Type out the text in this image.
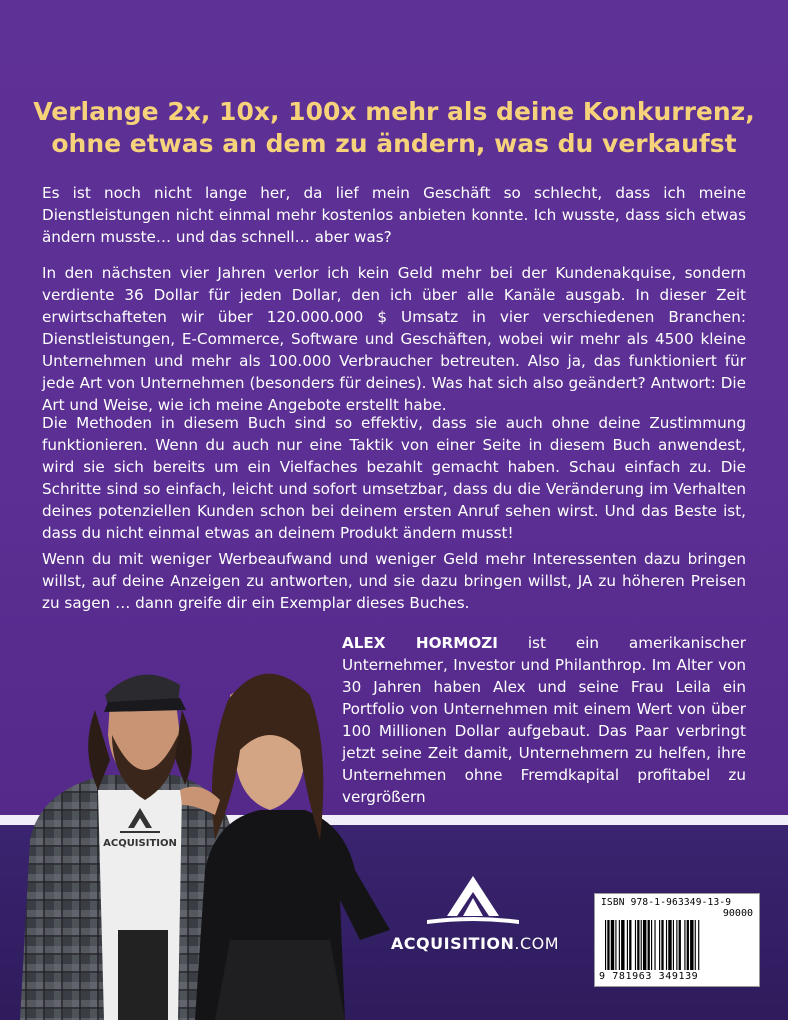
Verlange 2x, 10x, 100x mehr als deine Konkurrenz,
ohne etwas an dem zu ändern, was du verkaufst
Es ist noch nicht lange her, da lief mein Geschäft so schlecht, dass ich meine Dienstleistungen nicht einmal mehr kostenlos anbieten konnte. Ich wusste, dass sich etwas ändern musste… und das schnell… aber was?
In den nächsten vier Jahren verlor ich kein Geld mehr bei der Kundenakquise, sondern verdiente 36 Dollar für jeden Dollar, den ich über alle Kanäle ausgab. In dieser Zeit erwirtschafteten wir über 120.000.000 $ Umsatz in vier verschiedenen Branchen: Dienstleistungen, E-Commerce, Software und Geschäften, wobei wir mehr als 4500 kleine Unternehmen und mehr als 100.000 Verbraucher betreuten. Also ja, das funktioniert für jede Art von Unternehmen (besonders für deines). Was hat sich also geändert? Antwort: Die Art und Weise, wie ich meine Angebote erstellt habe.
Die Methoden in diesem Buch sind so effektiv, dass sie auch ohne deine Zustimmung funktionieren. Wenn du auch nur eine Taktik von einer Seite in diesem Buch anwendest, wird sie sich bereits um ein Vielfaches bezahlt gemacht haben. Schau einfach zu. Die Schritte sind so einfach, leicht und sofort umsetzbar, dass du die Veränderung im Verhalten deines potenziellen Kunden schon bei deinem ersten Anruf sehen wirst. Und das Beste ist, dass du nicht einmal etwas an deinem Produkt ändern musst!
Wenn du mit weniger Werbeaufwand und weniger Geld mehr Interessenten dazu bringen willst, auf deine Anzeigen zu antworten, und sie dazu bringen willst, JA zu höheren Preisen zu sagen … dann greife dir ein Exemplar dieses Buches.
ALEX HORMOZI ist ein amerikanischer Unternehmer, Investor und Philanthrop. Im Alter von 30 Jahren haben Alex und seine Frau Leila ein Portfolio von Unternehmen mit einem Wert von über 100 Millionen Dollar aufgebaut. Das Paar verbringt jetzt seine Zeit damit, Unternehmern zu helfen, ihre Unternehmen ohne Fremdkapital profitabel zu vergrößern
ACQUISITION
ACQUISITION.COM
ISBN 978-1-963349-13-9
90000
9 781963 349139
